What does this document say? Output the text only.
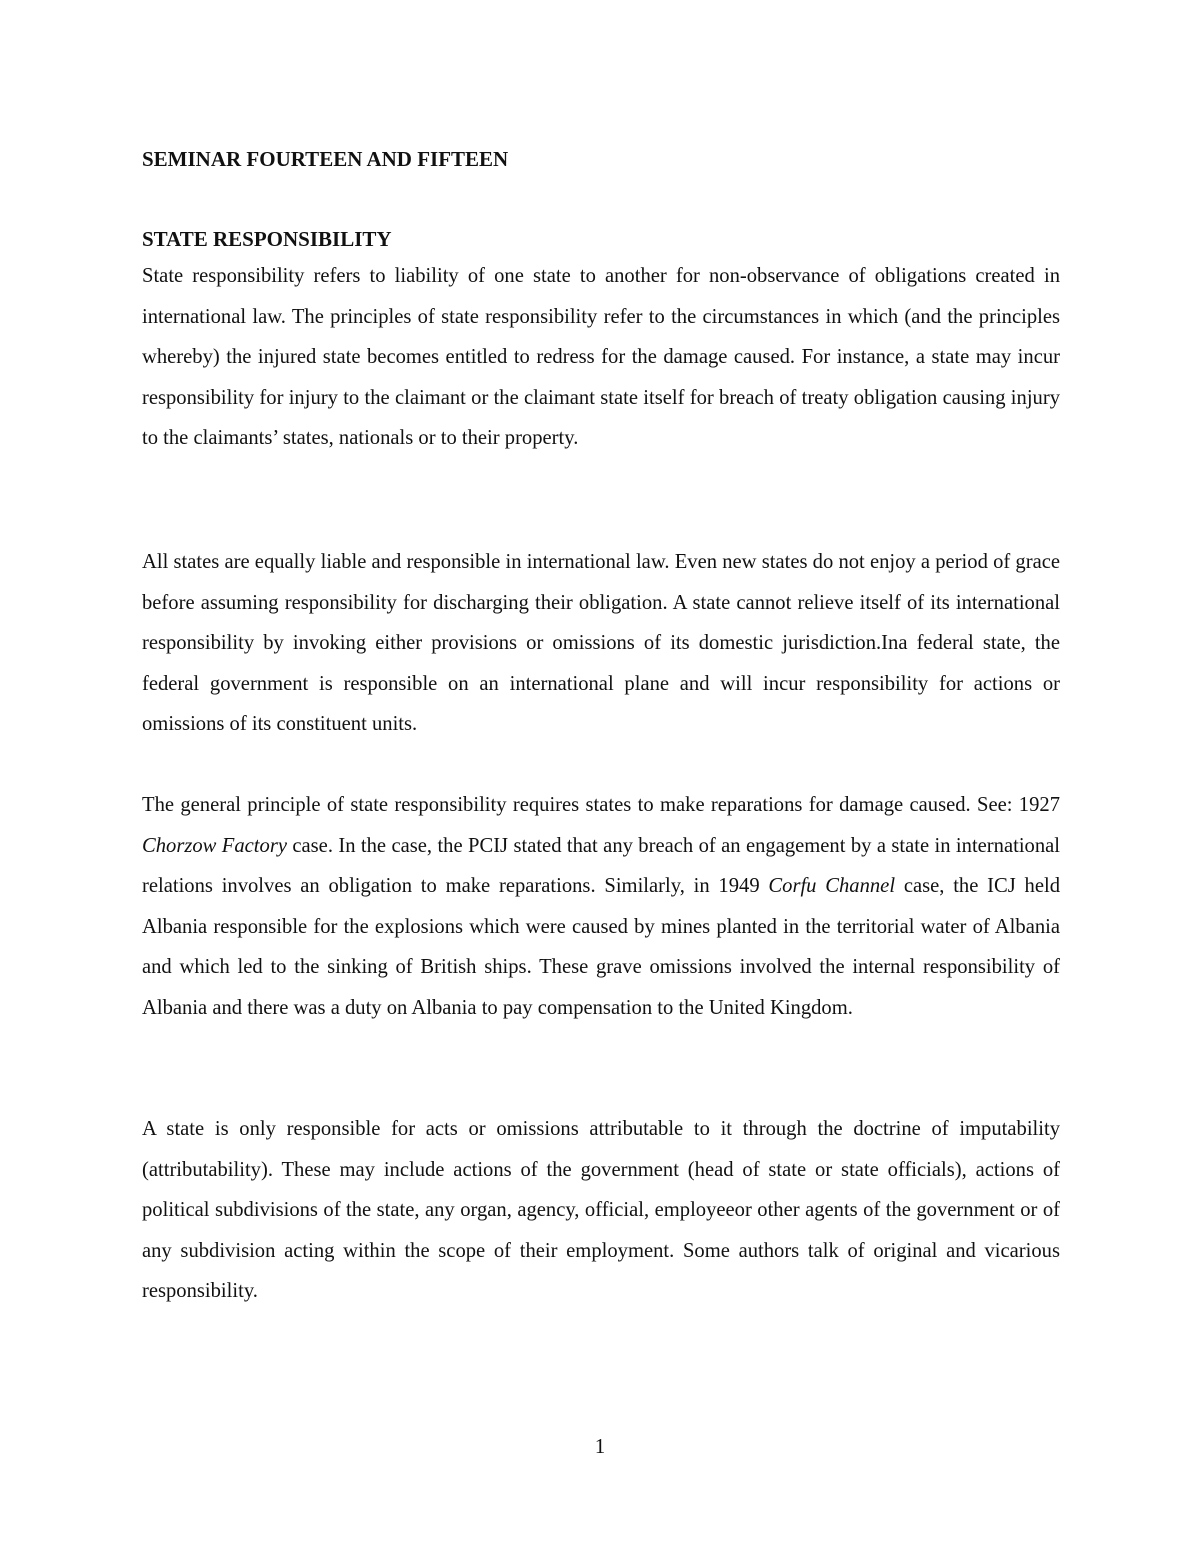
SEMINAR FOURTEEN AND FIFTEEN
STATE RESPONSIBILITY

State responsibility refers to liability of one state to another for non-observance of obligations created in international law. The principles of state responsibility refer to the circumstances in which (and the principles whereby) the injured state becomes entitled to redress for the damage caused. For instance, a state may incur responsibility for injury to the claimant or the claimant state itself for breach of treaty obligation causing injury to the claimants’ states, nationals or to their property.

All states are equally liable and responsible in international law. Even new states do not enjoy a period of grace before assuming responsibility for discharging their obligation. A state cannot relieve itself of its international responsibility by invoking either provisions or omissions of its domestic jurisdiction.Ina federal state, the federal government is responsible on an international plane and will incur responsibility for actions or omissions of its constituent units.

The general principle of state responsibility requires states to make reparations for damage caused. See: 1927 Chorzow Factory case. In the case, the PCIJ stated that any breach of an engagement by a state in international relations involves an obligation to make reparations. Similarly, in 1949 Corfu Channel case, the ICJ held Albania responsible for the explosions which were caused by mines planted in the territorial water of Albania and which led to the sinking of British ships. These grave omissions involved the internal responsibility of Albania and there was a duty on Albania to pay compensation to the United Kingdom.

A state is only responsible for acts or omissions attributable to it through the doctrine of imputability (attributability). These may include actions of the government (head of state or state officials), actions of political subdivisions of the state, any organ, agency, official, employeeor other agents of the government or of any subdivision acting within the scope of their employment. Some authors talk of original and vicarious responsibility.

1
